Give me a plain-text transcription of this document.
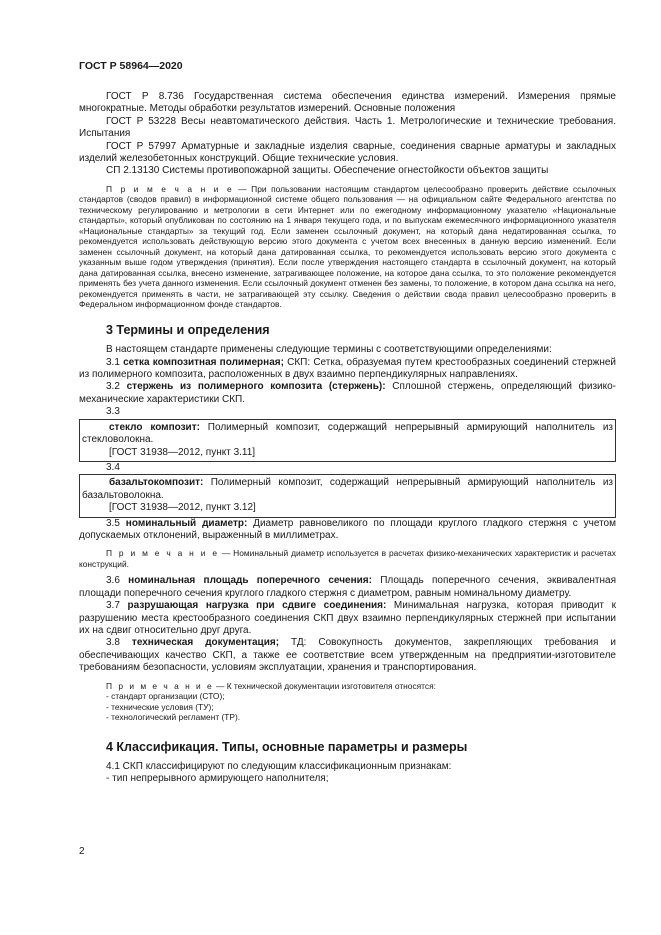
ГОСТ Р 58964—2020

ГОСТ Р 8.736 Государственная система обеспечения единства измерений. Измерения прямые многократные. Методы обработки результатов измерений. Основные положения

ГОСТ Р 53228 Весы неавтоматического действия. Часть 1. Метрологические и технические требования. Испытания

ГОСТ Р 57997 Арматурные и закладные изделия сварные, соединения сварные арматуры и закладных изделий железобетонных конструкций. Общие технические условия.

СП 2.13130 Системы противопожарной защиты. Обеспечение огнестойкости объектов защиты

П р и м е ч а н и е — При пользовании настоящим стандартом целесообразно проверить действие ссылочных стандартов (сводов правил) в информационной системе общего пользования — на официальном сайте Федерального агентства по техническому регулированию и метрологии в сети Интернет или по ежегодному информационному указателю «Национальные стандарты», который опубликован по состоянию на 1 января текущего года, и по выпускам ежемесячного информационного указателя «Национальные стандарты» за текущий год. Если заменен ссылочный документ, на который дана недатированная ссылка, то рекомендуется использовать действующую версию этого документа с учетом всех внесенных в данную версию изменений. Если заменен ссылочный документ, на который дана датированная ссылка, то рекомендуется использовать версию этого документа с указанным выше годом утверждения (принятия). Если после утверждения настоящего стандарта в ссылочный документ, на который дана датированная ссылка, внесено изменение, затрагивающее положение, на которое дана ссылка, то это положение рекомендуется применять без учета данного изменения. Если ссылочный документ отменен без замены, то положение, в котором дана ссылка на него, рекомендуется применять в части, не затрагивающей эту ссылку. Сведения о действии свода правил целесообразно проверить в Федеральном информационном фонде стандартов.

3 Термины и определения

В настоящем стандарте применены следующие термины с соответствующими определениями:

3.1 сетка композитная полимерная; СКП: Сетка, образуемая путем крестообразных соединений стержней из полимерного композита, расположенных в двух взаимно перпендикулярных направлениях.

3.2 стержень из полимерного композита (стержень): Сплошной стержень, определяющий физико-механические характеристики СКП.

3.3

стекло композит: Полимерный композит, содержащий непрерывный армирующий наполнитель из стекловолокна.

[ГОСТ 31938—2012, пункт 3.11]

3.4

базальтокомпозит: Полимерный композит, содержащий непрерывный армирующий наполнитель из базальтоволокна.

[ГОСТ 31938—2012, пункт 3.12]

3.5 номинальный диаметр: Диаметр равновеликого по площади круглого гладкого стержня с учетом допускаемых отклонений, выраженный в миллиметрах.

П р и м е ч а н и е — Номинальный диаметр используется в расчетах физико-механических характеристик и расчетах конструкций.

3.6 номинальная площадь поперечного сечения: Площадь поперечного сечения, эквивалентная площади поперечного сечения круглого гладкого стержня с диаметром, равным номинальному диаметру.

3.7 разрушающая нагрузка при сдвиге соединения: Минимальная нагрузка, которая приводит к разрушению места крестообразного соединения СКП двух взаимно перпендикулярных стержней при испытании их на сдвиг относительно друг друга.

3.8 техническая документация; ТД: Совокупность документов, закрепляющих требования и обеспечивающих качество СКП, а также ее соответствие всем утвержденным на предприятии-изготовителе требованиям безопасности, условиям эксплуатации, хранения и транспортирования.

П р и м е ч а н и е — К технической документации изготовителя относятся:

- стандарт организации (СТО);

- технические условия (ТУ);

- технологический регламент (ТР).

4 Классификация. Типы, основные параметры и размеры

4.1 СКП классифицируют по следующим классификационным признакам:

- тип непрерывного армирующего наполнителя;

2
